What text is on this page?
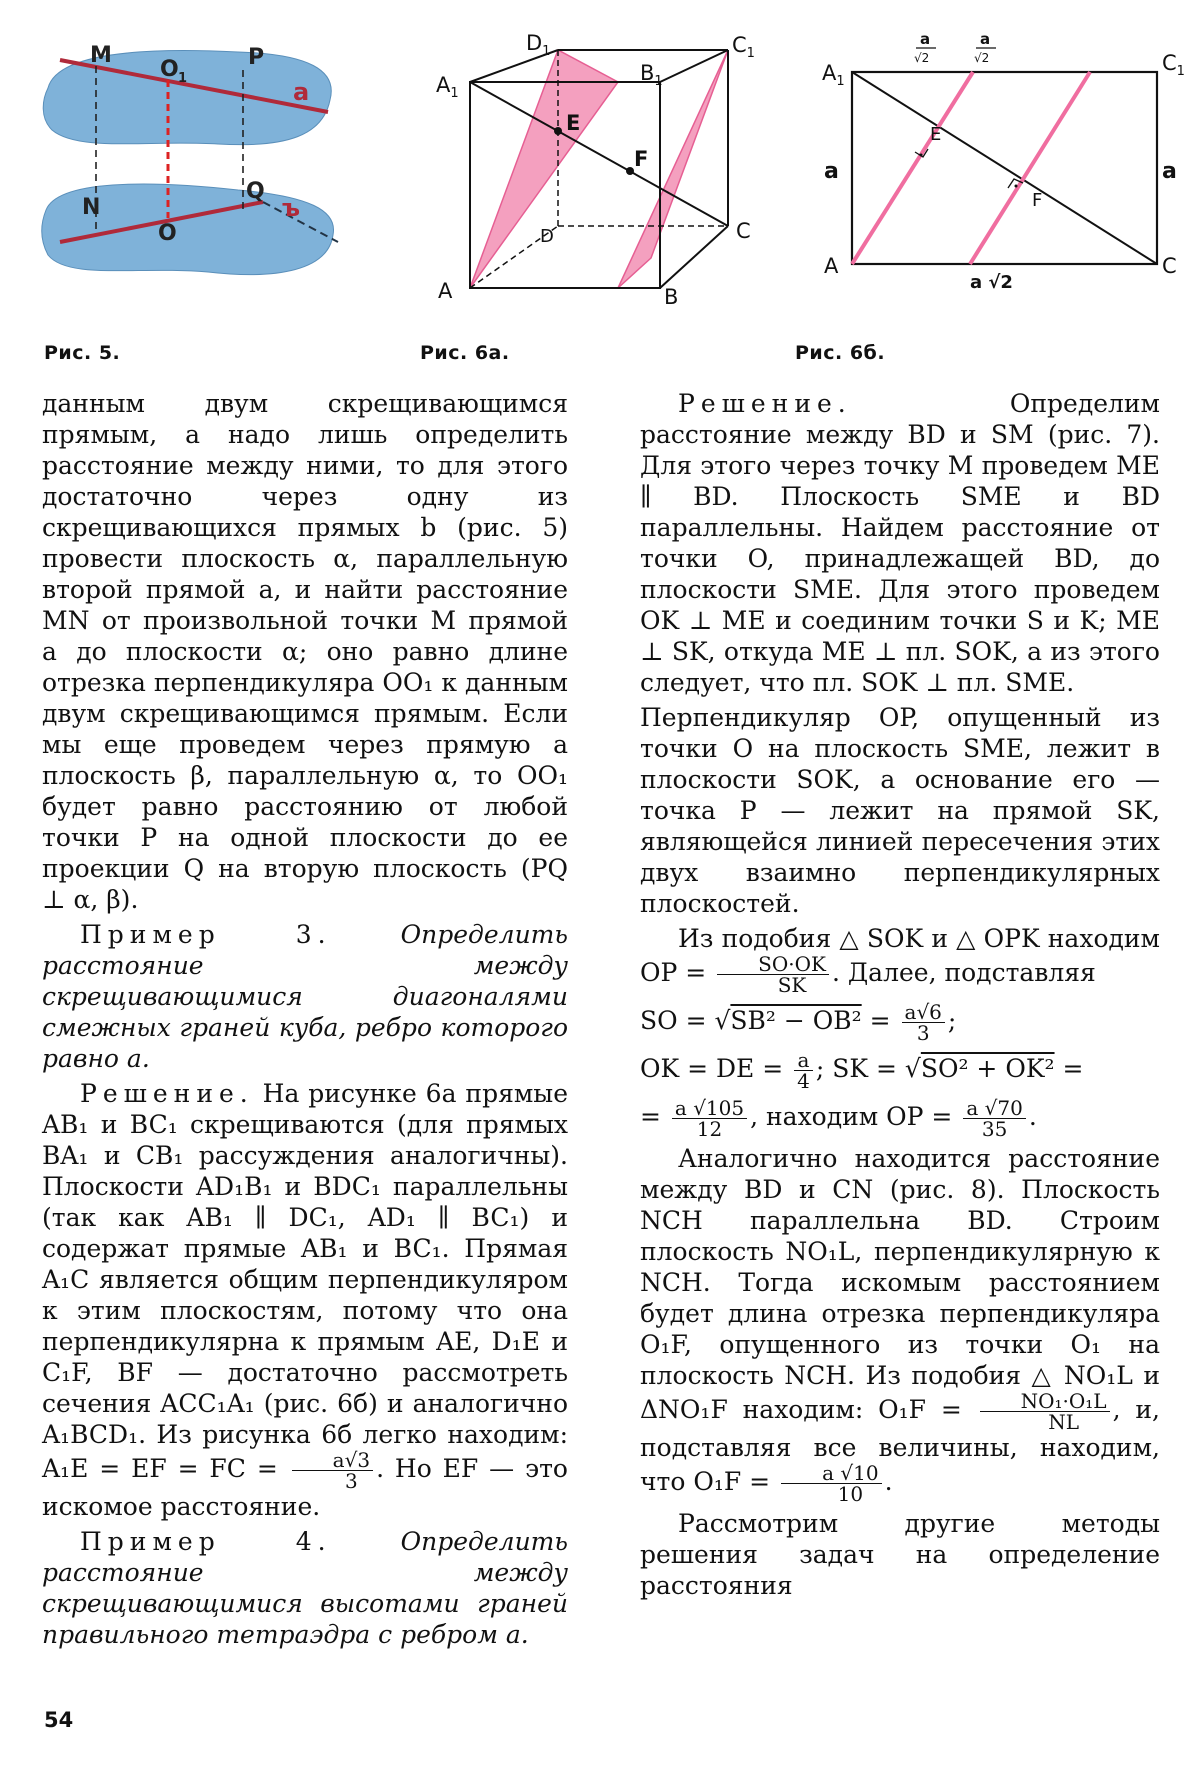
M
O 1
P
a
N
O
Q
ъ
$D_1$	$C_1$
$A_1$
$B_1$
E
F
D	C
A	B
a
√2
a
√2
$A_1$
$C_1$
a	a
E
F
A	C
a √2
Рис. 5.	Рис. 6а.	Рис. 6б.

данным двум скрещивающимся прямым, а надо лишь определить расстояние между ними, то для этого достаточно через одну из скрещивающихся прямых b (рис. 5) провести плоскость α, параллельную второй прямой a, и найти расстояние MN от произвольной точки M прямой a до плоскости α; оно равно длине отрезка перпендикуляра OO₁ к данным двум скрещивающимся прямым. Если мы еще проведем через прямую a плоскость β, параллельную α, то OO₁ будет равно расстоянию от любой точки P на одной плоскости до ее проекции Q на вторую плоскость (PQ ⊥ α, β).

Пример 3.	Определить расстояние между скрещивающимися диагоналями смежных граней куба, ребро которого равно a.

Решение. На рисунке 6а прямые AB₁ и BC₁ скрещиваются (для прямых BA₁ и CB₁ рассуждения аналогичны). Плоскости AD₁B₁ и BDC₁ параллельны (так как AB₁ ∥ DC₁, AD₁ ∥ BC₁) и содержат прямые AB₁ и BC₁. Прямая A₁C является общим перпендикуляром к этим плоскостям, потому что она перпендикулярна к прямым AE, D₁E и C₁F, BF — достаточно рассмотреть сечения ACC₁A₁ (рис. 6б) и аналогично A₁BCD₁. Из рисунка 6б легко находим: A₁E = EF = FC = $\frac{a√3}{3}$ . Но EF — это искомое расстояние.

Пример 4.	Определить расстояние между скрещивающимися высотами граней правильного тетраэдра с ребром a.

Решение.	Определим расстояние между BD и SM (рис. 7). Для этого через точку M проведем ME ∥ BD. Плоскость SME и BD параллельны. Найдем расстояние от точки O, принадлежащей BD, до плоскости SME. Для этого проведем OK ⊥ ME и соединим точки S и K; ME ⊥ SK, откуда ME ⊥ пл. SOK, а из этого следует, что пл. SOK ⊥ пл. SME.

Перпендикуляр OP, опущенный из точки O на плоскость SME, лежит в плоскости SOK, а основание его — точка P — лежит на прямой SK, являющейся линией пересечения этих двух взаимно перпендикулярных плоскостей.

Из подобия △ SOK и △ OPK находим OP = $\frac{SO\cdot OK}{SK}$ . Далее, подставляя

SO = $√SB^2 - OB^2 = \frac{a√6}{3}$ ;

OK = DE = $\frac{a}{4}$ ; SK = √SO² + OK² =

= $\frac{a √105}{12}$ , находим OP = $\frac{a √70}{35}$ .

Аналогично находится расстояние между BD и CN (рис. 8). Плоскость NCH параллельна BD. Строим плоскость NO₁L, перпендикулярную к NCH. Тогда искомым расстоянием будет длина отрезка перпендикуляра O₁F, опущенного из точки O₁ на плоскость NCH. Из подобия △ NO₁L и ΔNO₁F находим: $O_1F = \frac{\text{NO₁·O₁L}}{NL}$ , и, подставляя все величины, находим, что $O_1F = \frac{a √10}{10}$ .

Рассмотрим другие методы решения задач на определение расстояния

54
